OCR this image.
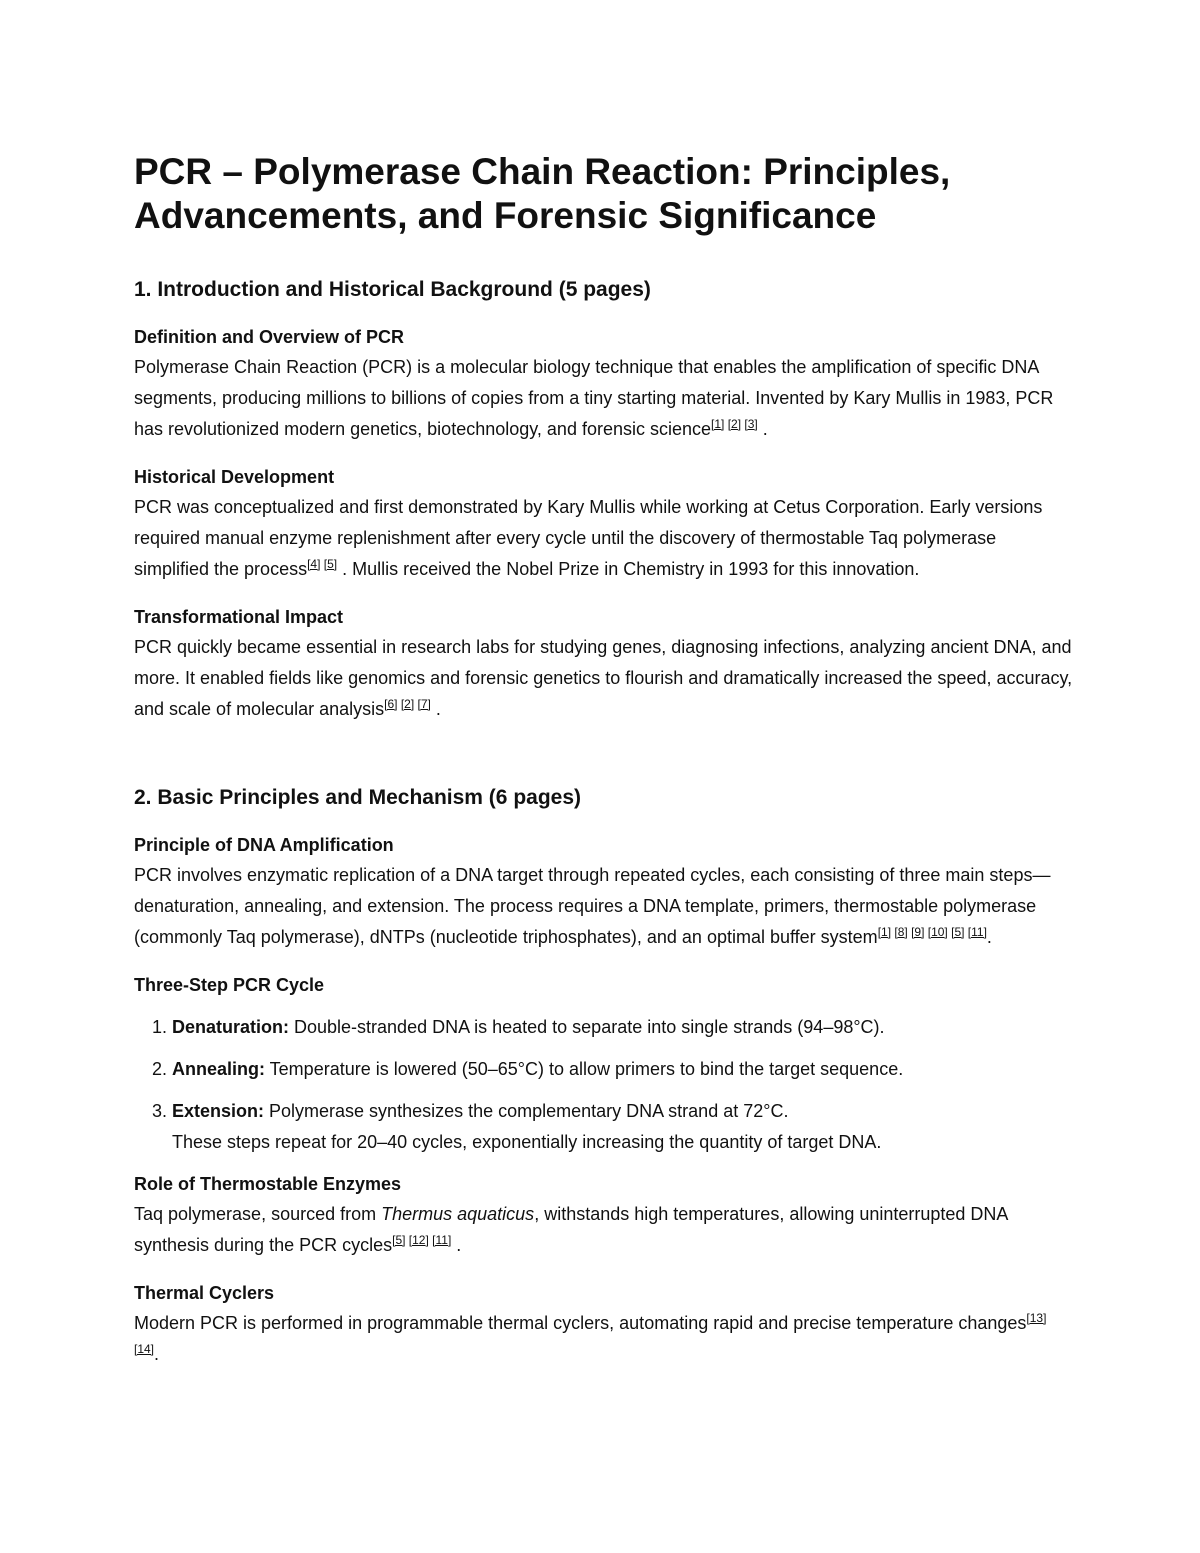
PCR – Polymerase Chain Reaction: Principles, Advancements, and Forensic Significance
1. Introduction and Historical Background (5 pages)
Definition and Overview of PCR

Polymerase Chain Reaction (PCR) is a molecular biology technique that enables the amplification of specific DNA segments, producing millions to billions of copies from a tiny starting material. Invented by Kary Mullis in 1983, PCR has revolutionized modern genetics, biotechnology, and forensic science[1] [2] [3] .

Historical Development

PCR was conceptualized and first demonstrated by Kary Mullis while working at Cetus Corporation. Early versions required manual enzyme replenishment after every cycle until the discovery of thermostable Taq polymerase simplified the process[4] [5] . Mullis received the Nobel Prize in Chemistry in 1993 for this innovation.

Transformational Impact

PCR quickly became essential in research labs for studying genes, diagnosing infections, analyzing ancient DNA, and more. It enabled fields like genomics and forensic genetics to flourish and dramatically increased the speed, accuracy, and scale of molecular analysis[6] [2] [7] .

2. Basic Principles and Mechanism (6 pages)
Principle of DNA Amplification

PCR involves enzymatic replication of a DNA target through repeated cycles, each consisting of three main steps—denaturation, annealing, and extension. The process requires a DNA template, primers, thermostable polymerase (commonly Taq polymerase), dNTPs (nucleotide triphosphates), and an optimal buffer system[1] [8] [9] [10] [5] [11].

Three-Step PCR Cycle
1. Denaturation: Double-stranded DNA is heated to separate into single strands (94–98°C).
2. Annealing: Temperature is lowered (50–65°C) to allow primers to bind the target sequence.
3. Extension: Polymerase synthesizes the complementary DNA strand at 72°C.
These steps repeat for 20–40 cycles, exponentially increasing the quantity of target DNA.
Role of Thermostable Enzymes

Taq polymerase, sourced from Thermus aquaticus, withstands high temperatures, allowing uninterrupted DNA synthesis during the PCR cycles[5] [12] [11] .

Thermal Cyclers

Modern PCR is performed in programmable thermal cyclers, automating rapid and precise temperature changes[13] [14].
